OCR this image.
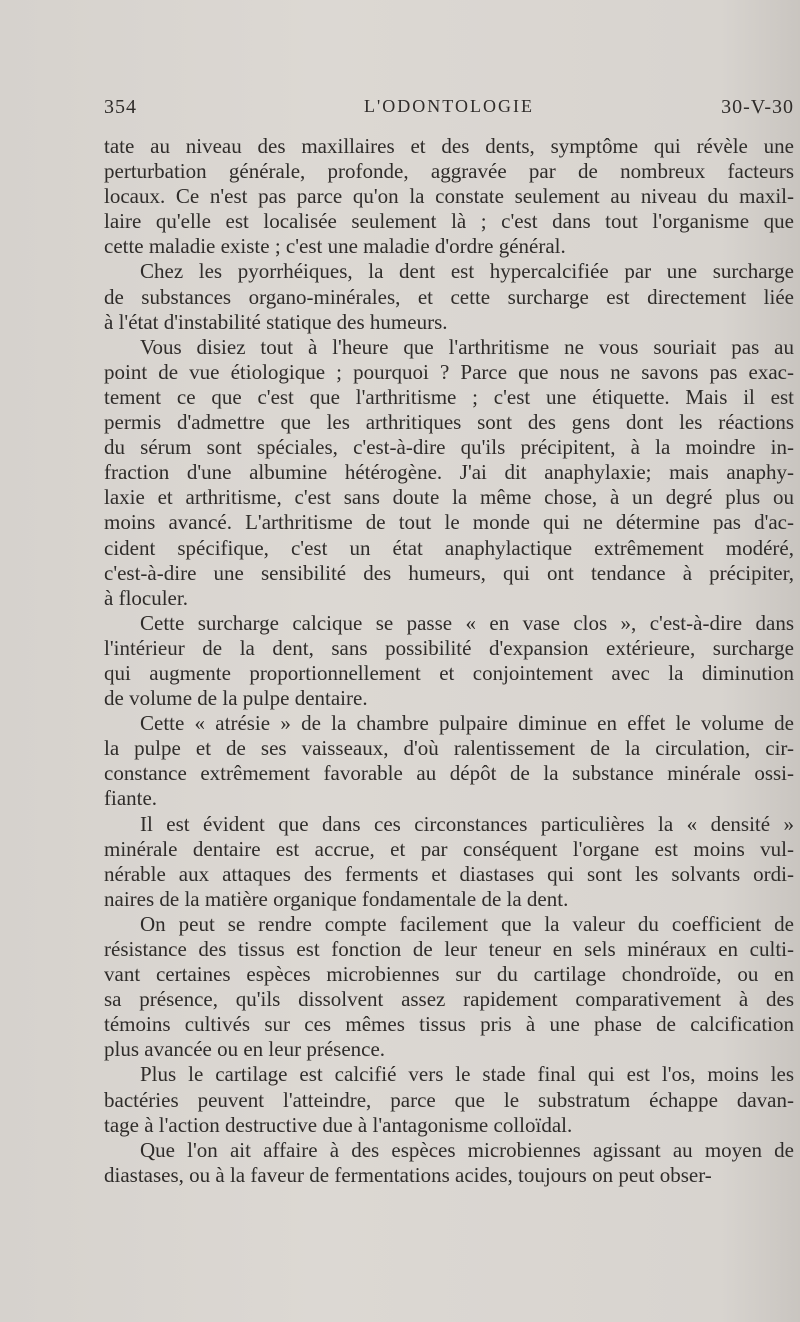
354	L'ODONTOLOGIE	30-V-30
tate au niveau des maxillaires et des dents, symptôme qui révèle une
perturbation générale, profonde, aggravée par de nombreux facteurs
locaux. Ce n'est pas parce qu'on la constate seulement au niveau du maxil-
laire qu'elle est localisée seulement là ; c'est dans tout l'organisme que
cette maladie existe ; c'est une maladie d'ordre général.
Chez les pyorrhéiques, la dent est hypercalcifiée par une surcharge
de substances organo-minérales, et cette surcharge est directement liée
à l'état d'instabilité statique des humeurs.
Vous disiez tout à l'heure que l'arthritisme ne vous souriait pas au
point de vue étiologique ; pourquoi ? Parce que nous ne savons pas exac-
tement ce que c'est que l'arthritisme ; c'est une étiquette. Mais il est
permis d'admettre que les arthritiques sont des gens dont les réactions
du sérum sont spéciales, c'est-à-dire qu'ils précipitent, à la moindre in-
fraction d'une albumine hétérogène. J'ai dit anaphylaxie; mais anaphy-
laxie et arthritisme, c'est sans doute la même chose, à un degré plus ou
moins avancé. L'arthritisme de tout le monde qui ne détermine pas d'ac-
cident spécifique, c'est un état anaphylactique extrêmement modéré,
c'est-à-dire une sensibilité des humeurs, qui ont tendance à précipiter,
à floculer.
Cette surcharge calcique se passe « en vase clos », c'est-à-dire dans
l'intérieur de la dent, sans possibilité d'expansion extérieure, surcharge
qui augmente proportionnellement et conjointement avec la diminution
de volume de la pulpe dentaire.
Cette « atrésie » de la chambre pulpaire diminue en effet le volume de
la pulpe et de ses vaisseaux, d'où ralentissement de la circulation, cir-
constance extrêmement favorable au dépôt de la substance minérale ossi-
fiante.
Il est évident que dans ces circonstances particulières la « densité »
minérale dentaire est accrue, et par conséquent l'organe est moins vul-
nérable aux attaques des ferments et diastases qui sont les solvants ordi-
naires de la matière organique fondamentale de la dent.
On peut se rendre compte facilement que la valeur du coefficient de
résistance des tissus est fonction de leur teneur en sels minéraux en culti-
vant certaines espèces microbiennes sur du cartilage chondroïde, ou en
sa présence, qu'ils dissolvent assez rapidement comparativement à des
témoins cultivés sur ces mêmes tissus pris à une phase de calcification
plus avancée ou en leur présence.
Plus le cartilage est calcifié vers le stade final qui est l'os, moins les
bactéries peuvent l'atteindre, parce que le substratum échappe davan-
tage à l'action destructive due à l'antagonisme colloïdal.
Que l'on ait affaire à des espèces microbiennes agissant au moyen de
diastases, ou à la faveur de fermentations acides, toujours on peut obser-
